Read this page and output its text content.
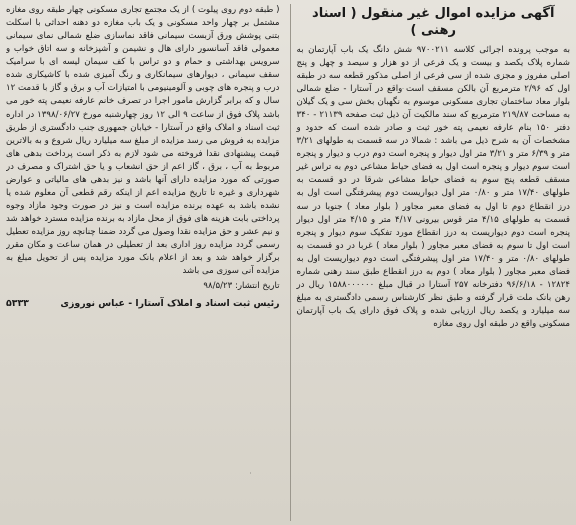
( طبقه دوم روی پیلوت ) از یک مجتمع تجاری مسکونی چهار طبقه روی مغازه مشتمل بر چهار واحد مسکونی و یک باب مغازه دو دهنه احداثی با اسکلت بتنی پوشش ورق آزبست سیمانی فاقد نماسازی ضلع شمالی نمای سیمانی معمولی فاقد آسانسور دارای هال و نشیمن و آشپزخانه و سه اتاق خواب و سرویس بهداشتی و حمام و دو تراس با کف سیمان لیسه ای با سرامیک سقف سیمانی ، دیوارهای سیمانکاری و رنگ آمیزی شده با کاشیکاری شده درب و پنجره های چوبی و آلومینیومی با امتیازات آب و برق و گاز با قدمت ۱۲ سال و که برابر گزارش مامور اجرا در تصرف خانم عارفه نعیمی پته خور می باشد پلاک فوق از ساعت ۹ الی ۱۲ روز چهارشنبه مورخ ۱۳۹۸/۰۶/۲۷ در اداره ثبت اسناد و املاک واقع در آستارا - خیابان جمهوری جنب دادگستری از طریق مزایده به فروش می رسد مزایده از مبلغ سه میلیارد ریال شروع و به بالاترین قیمت پیشنهادی نقدا فروخته می شود لازم به ذکر است پرداخت بدهی های مربوط به آب ، برق ، گاز اعم از حق انشعاب و یا حق اشتراک و مصرف در صورتی که مورد مزایده دارای آنها باشد و نیز بدهی های مالیاتی و عوارض شهرداری و غیره تا تاریخ مزایده اعم از اینکه رقم قطعی آن معلوم شده یا نشده باشد به عهده برنده مزایده است و نیز در صورت وجود مازاد وجوه پرداختی بابت هزینه های فوق از محل مازاد به برنده مزایده مسترد خواهد شد و نیم عشر و حق مزایده نقدا وصول می گردد ضمنا چنانچه روز مزایده تعطیل رسمی گردد مزایده روز اداری بعد از تعطیلی در همان ساعت و مکان مقرر برگزار خواهد شد و بعد از اعلام بانک مورد مزایده پس از تحویل مبلغ به مزایده آنی سوزی می باشد

تاریخ انتشار: ۹۸/۵/۲۳
رئیس ثبت اسناد و املاک آستارا - عباس نوروزی
۵۳۳۳
آگهی مزایده اموال غیر منقول ( اسناد رهنی )

به موجب پرونده اجرائی کلاسه ۹۷۰۰۲۱۱ شش دانگ یک باب آپارتمان به شماره پلاک یکصد و بیست و یک فرعی از دو هزار و سیصد و چهل و پنج اصلی مفروز و مجزی شده از سی فرعی از اصلی مذکور قطعه سه در طبقه اول که ۲/۹۶ مترمربع آن بالکن مسقف است واقع در آستارا - ضلع شمالی بلوار معاد ساختمان تجاری مسکونی موسوم به نگهبان بخش سی و یک گیلان به مساحت ۲۱۹/۸۷ مترمربع که سند مالکیت آن ذیل ثبت صفحه ۲۱۱۳۹ - ۳۴۰ دفتر ۱۵۰ بنام عارفه نعیمی پته خور ثبت و صادر شده است که حدود و مشخصات آن به شرح ذیل می باشد : شمالا در سه قسمت به طولهای ۳/۲۱ متر و ۶/۳۹ متر و ۳/۲۱ متر اول دیوار و پنجره است دوم درب و دیوار و پنجره است سوم دیوار و پنجره است اول به فضای حیاط مشاعی دوم به تراس غیر مسقف قطعه پنج سوم به فضای حیاط مشاعی شرقا در دو قسمت به طولهای ۱۷/۴۰ متر و ۰/۸۰ متر اول دیواریست دوم پیشرفتگی است اول به درز انقطاع دوم تا اول به فضای معبر مجاور ( بلوار معاد ) جنوبا در سه قسمت به طولهای ۴/۱۵ متر قوس بیرونی ۴/۱۷ متر و ۴/۱۵ متر اول دیوار پنجره است دوم دیواریست به درز انقطاع مورد تفکیک سوم دیوار و پنجره است اول تا سوم به فضای معبر مجاور ( بلوار معاد ) غربا در دو قسمت به طولهای ۰/۸۰ متر و ۱۷/۴۰ متر اول پیشرفتگی است دوم دیواریست اول به فضای معبر مجاور ( بلوار معاد ) دوم به درز انقطاع طبق سند رهنی شماره ۱۲۸۲۴ - ۹۶/۶/۱۸ دفترخانه ۲۵۷ آستارا در قبال مبلغ ۱۵۸۸۰۰۰۰۰۰ ریال در رهن بانک ملت قرار گرفته و طبق نظر کارشناس رسمی دادگستری به مبلغ سه میلیارد و یکصد ریال ارزیابی شده و پلاک فوق دارای یک باب آپارتمان مسکونی واقع در طبقه اول روی مغازه
